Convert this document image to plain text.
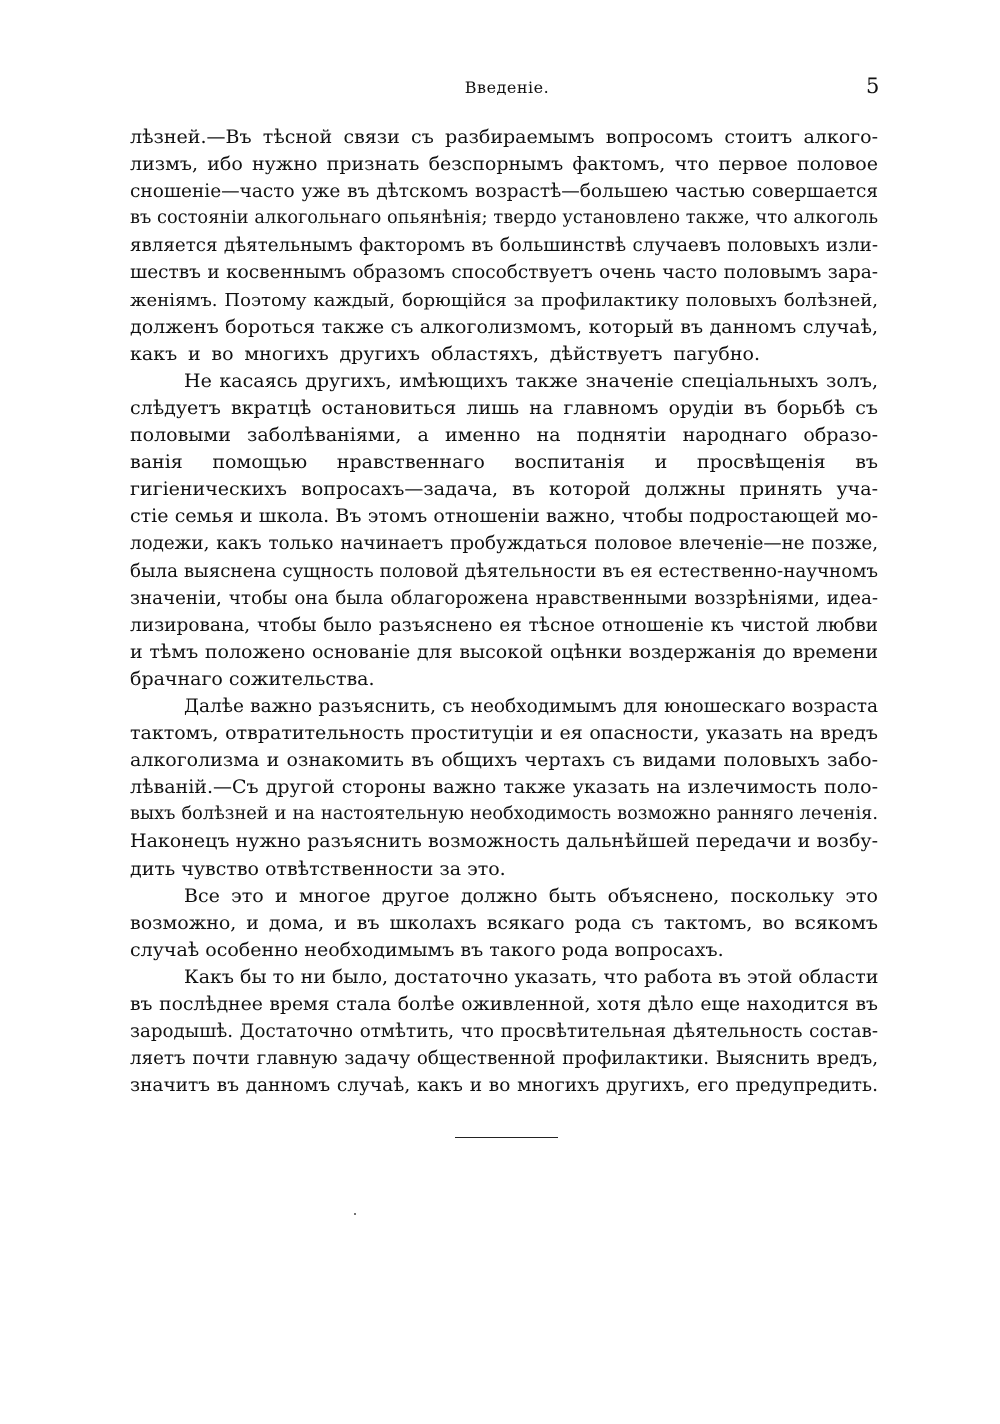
Введеніе.	5
лѣзней.—Въ тѣсной связи съ разбираемымъ вопросомъ стоитъ алкого-
лизмъ, ибо нужно признать безспорнымъ фактомъ, что первое половое
сношеніе—часто уже въ дѣтскомъ возрастѣ—большею частью совершается
въ состояніи алкогольнаго опьянѣнія; твердо установлено также, что алкоголь
является дѣятельнымъ факторомъ въ большинствѣ случаевъ половыхъ изли-
шествъ и косвеннымъ образомъ способствуетъ очень часто половымъ зара-
женіямъ. Поэтому каждый, борющійся за профилактику половыхъ болѣзней,
долженъ бороться также съ алкоголизмомъ, который въ данномъ случаѣ,
какъ и во многихъ другихъ областяхъ, дѣйствуетъ пагубно.
Не касаясь другихъ, имѣющихъ также значеніе спеціальныхъ золъ,
слѣдуетъ вкратцѣ остановиться лишь на главномъ орудіи въ борьбѣ съ
половыми заболѣваніями, а именно на поднятіи народнаго образо-
ванія помощью нравственнаго воспитанія и просвѣщенія въ
гигіеническихъ вопросахъ—задача, въ которой должны принять уча-
стіе семья и школа. Въ этомъ отношеніи важно, чтобы подростающей мо-
лодежи, какъ только начинаетъ пробуждаться половое влеченіе—не позже,
была выяснена сущность половой дѣятельности въ ея естественно-научномъ
значеніи, чтобы она была облагорожена нравственными воззрѣніями, идеа-
лизирована, чтобы было разъяснено ея тѣсное отношеніе къ чистой любви
и тѣмъ положено основаніе для высокой оцѣнки воздержанія до времени
брачнаго сожительства.
Далѣе важно разъяснить, съ необходимымъ для юношескаго возраста
тактомъ, отвратительность проституціи и ея опасности, указать на вредъ
алкоголизма и ознакомить въ общихъ чертахъ съ видами половыхъ забо-
лѣваній.—Съ другой стороны важно также указать на излечимость поло-
выхъ болѣзней и на настоятельную необходимость возможно ранняго леченія.
Наконецъ нужно разъяснить возможность дальнѣйшей передачи и возбу-
дить чувство отвѣтственности за это.
Все это и многое другое должно быть объяснено, поскольку это
возможно, и дома, и въ школахъ всякаго рода съ тактомъ, во всякомъ
случаѣ особенно необходимымъ въ такого рода вопросахъ.
Какъ бы то ни было, достаточно указать, что работа въ этой области
въ послѣднее время стала болѣе оживленной, хотя дѣло еще находится въ
зародышѣ. Достаточно отмѣтить, что просвѣтительная дѣятельность состав-
ляетъ почти главную задачу общественной профилактики. Выяснить вредъ,
значитъ въ данномъ случаѣ, какъ и во многихъ другихъ, его предупредить.
